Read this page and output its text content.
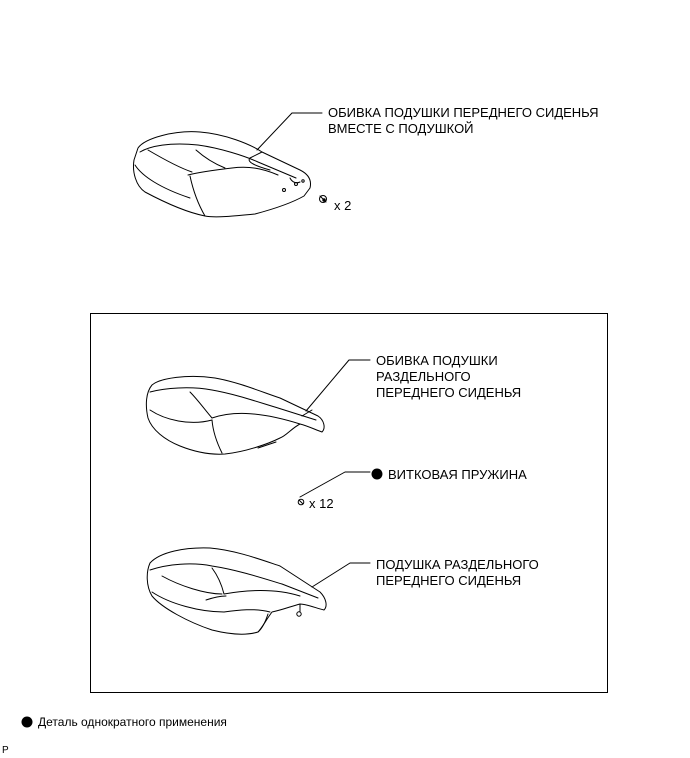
ОБИВКА ПОДУШКИ ПЕРЕДНЕГО СИДЕНЬЯ
ВМЕСТЕ С ПОДУШКОЙ
x 2
ОБИВКА ПОДУШКИ
РАЗДЕЛЬНОГО
ПЕРЕДНЕГО СИДЕНЬЯ
ВИТКОВАЯ ПРУЖИНА
x 12
ПОДУШКА РАЗДЕЛЬНОГО
ПЕРЕДНЕГО СИДЕНЬЯ
Деталь однократного применения
P
